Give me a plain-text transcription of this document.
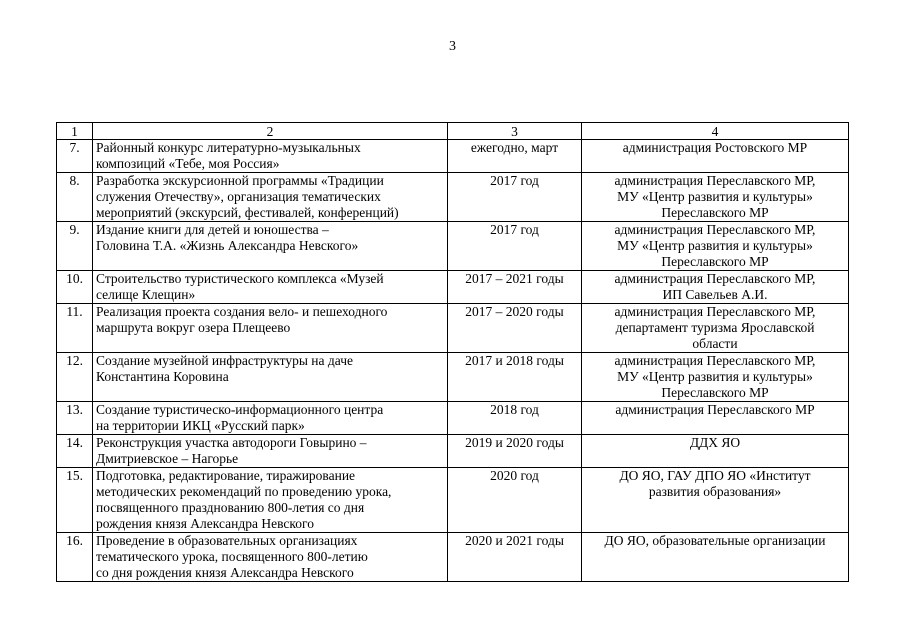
3
1	2	3	4
7.	Районный конкурс литературно-музыкальных
композиций «Тебе, моя Россия»	ежегодно, март	администрация Ростовского МР

8.	Разработка экскурсионной программы «Традиции
служения Отечеству», организация тематических
мероприятий (экскурсий, фестивалей, конференций)	2017 год	администрация Переславского МР,
МУ «Центр развития и культуры»
Переславского МР

9.	Издание книги для детей и юношества –
Головина Т.А. «Жизнь Александра Невского»	2017 год	администрация Переславского МР,
МУ «Центр развития и культуры»
Переславского МР

10.	Строительство туристического комплекса «Музей
селище Клещин»	2017 – 2021 годы	администрация Переславского МР,
ИП Савельев А.И.

11.	Реализация проекта создания вело- и пешеходного
маршрута вокруг озера Плещеево	2017 – 2020 годы	администрация Переславского МР,
департамент туризма Ярославской
области

12.	Создание музейной инфраструктуры на даче
Константина Коровина	2017 и 2018 годы	администрация Переславского МР,
МУ «Центр развития и культуры»
Переславского МР

13.	Создание туристическо-информационного центра
на территории ИКЦ «Русский парк»	2018 год	администрация Переславского МР

14.	Реконструкция участка автодороги Говырино –
Дмитриевское – Нагорье	2019 и 2020 годы	ДДХ ЯО

15.	Подготовка, редактирование, тиражирование
методических рекомендаций по проведению урока,
посвященного празднованию 800-летия со дня
рождения князя Александра Невского	2020 год	ДО ЯО, ГАУ ДПО ЯО «Институт
развития образования»

16.	Проведение в образовательных организациях
тематического урока, посвященного 800-летию
со дня рождения князя Александра Невского	2020 и 2021 годы	ДО ЯО, образовательные организации
